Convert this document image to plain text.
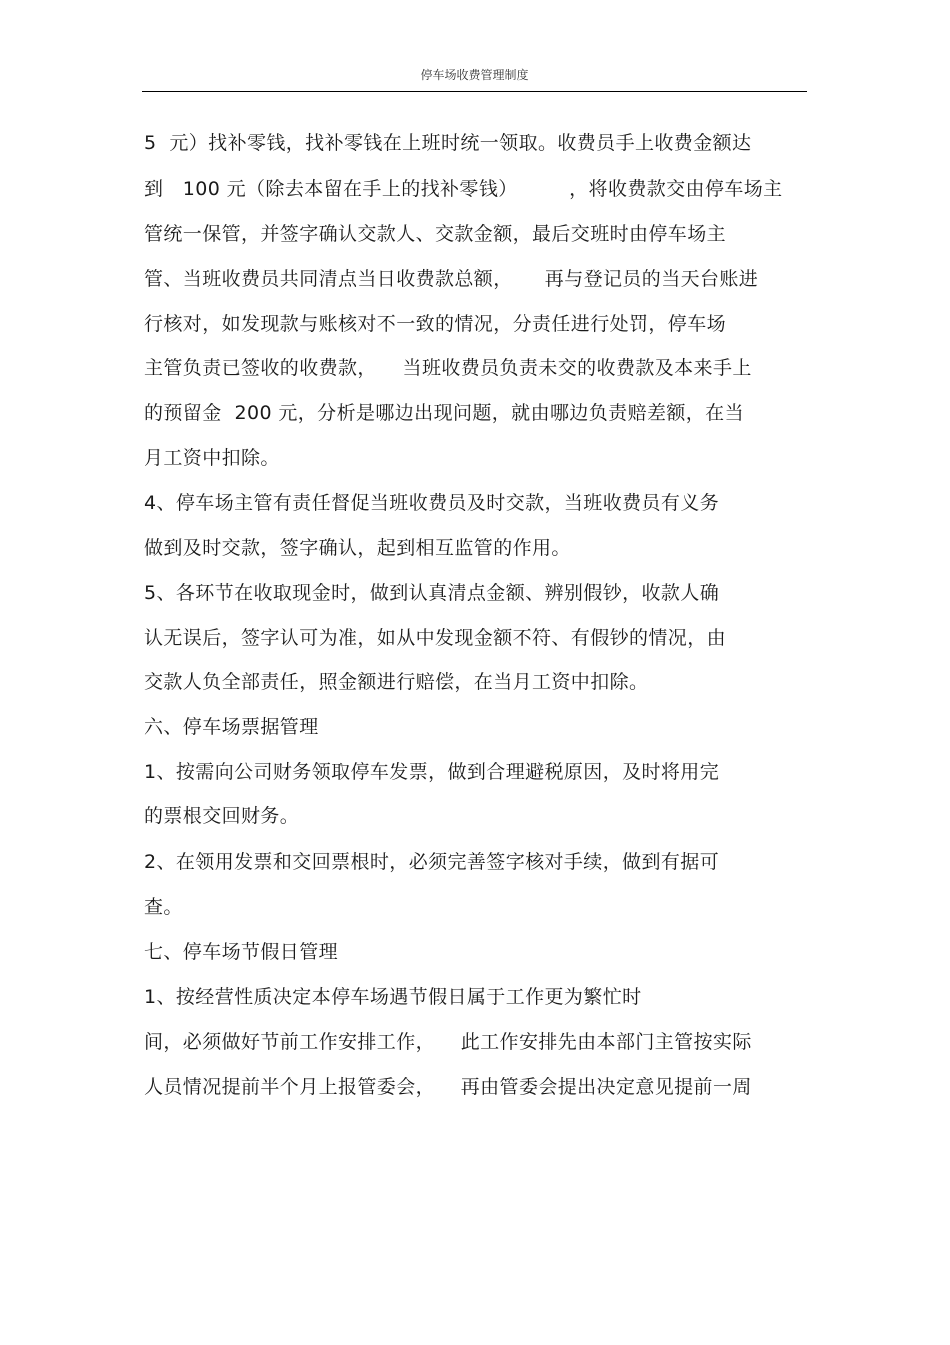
停车场收费管理制度
5  元）找补零钱，找补零钱在上班时统一领取。收费员手上收费金额达
到   100 元（除去本留在手上的找补零钱）        ，将收费款交由停车场主
管统一保管，并签字确认交款人、交款金额，最后交班时由停车场主
管、当班收费员共同清点当日收费款总额，     再与登记员的当天台账进
行核对，如发现款与账核对不一致的情况，分责任进行处罚，停车场
主管负责已签收的收费款，    当班收费员负责未交的收费款及本来手上
的预留金  200 元，分析是哪边出现问题，就由哪边负责赔差额，在当
月工资中扣除。
4、停车场主管有责任督促当班收费员及时交款，当班收费员有义务
做到及时交款，签字确认，起到相互监管的作用。
5、各环节在收取现金时，做到认真清点金额、辨别假钞，收款人确
认无误后，签字认可为准，如从中发现金额不符、有假钞的情况，由
交款人负全部责任，照金额进行赔偿，在当月工资中扣除。
六、停车场票据管理
1、按需向公司财务领取停车发票，做到合理避税原因，及时将用完
的票根交回财务。
2、在领用发票和交回票根时，必须完善签字核对手续，做到有据可
查。
七、停车场节假日管理
1、按经营性质决定本停车场遇节假日属于工作更为繁忙时
间，必须做好节前工作安排工作，    此工作安排先由本部门主管按实际
人员情况提前半个月上报管委会，    再由管委会提出决定意见提前一周
